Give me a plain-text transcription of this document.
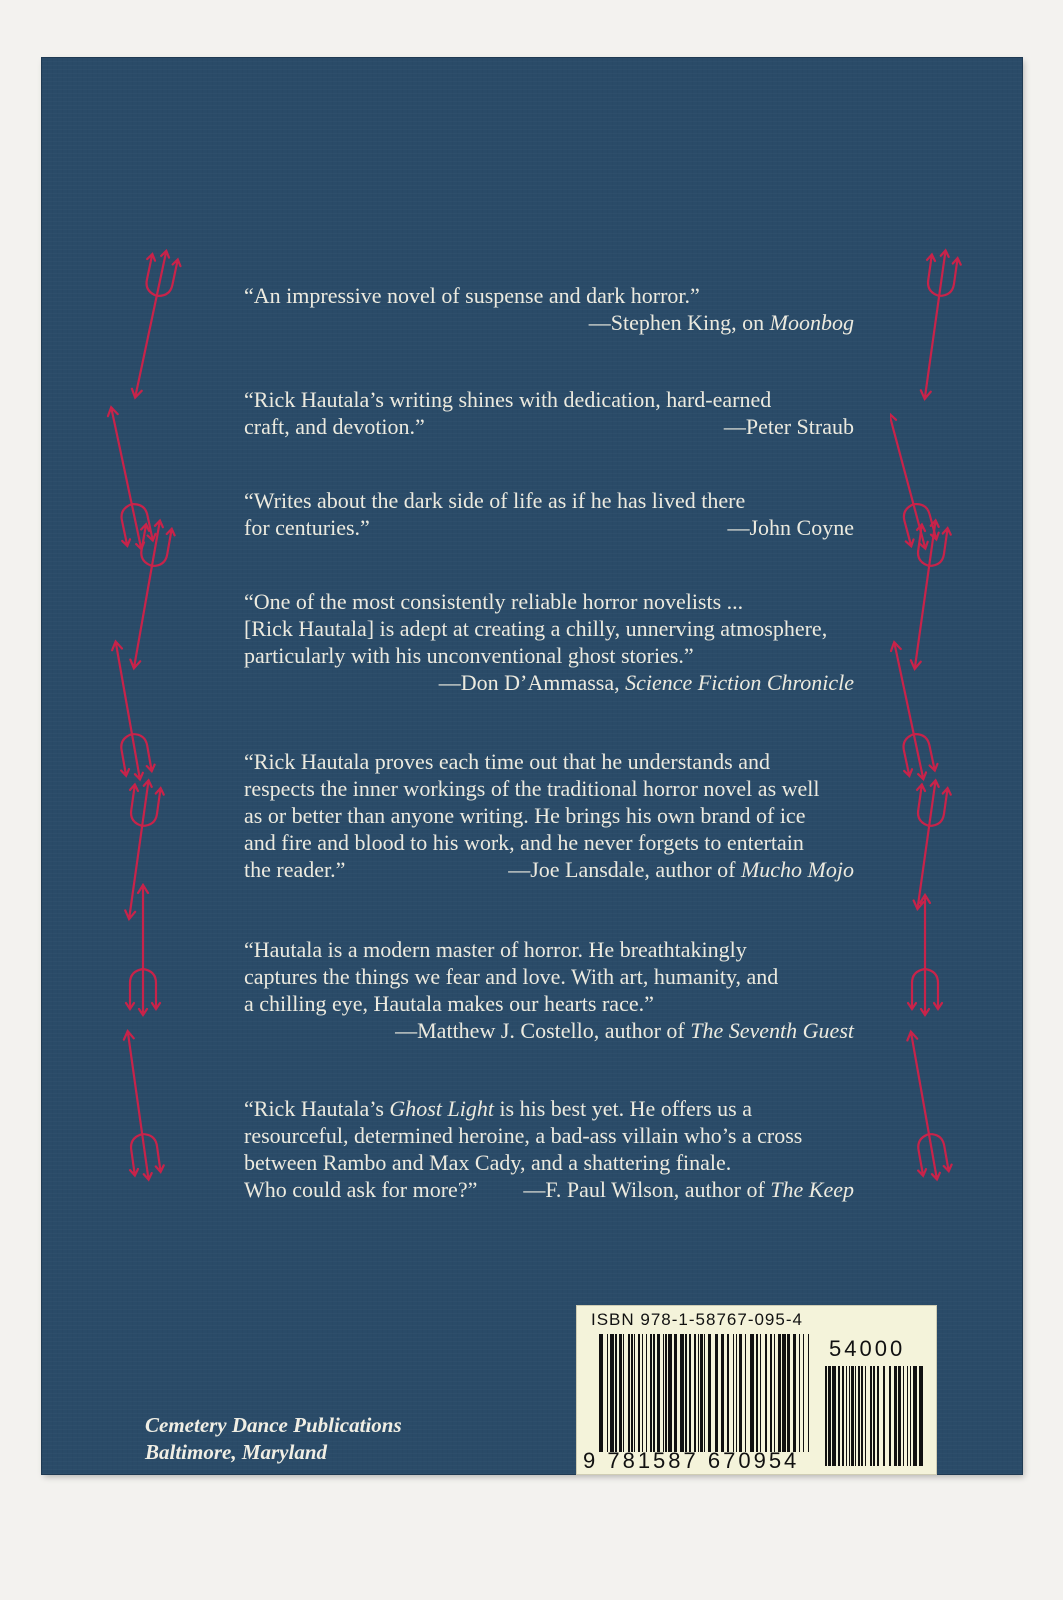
“An impressive novel of suspense and dark horror.”
—Stephen King, on Moonbog
“Rick Hautala’s writing shines with dedication, hard-earned
craft, and devotion.”	—Peter Straub
“Writes about the dark side of life as if he has lived there
for centuries.”	—John Coyne
“One of the most consistently reliable horror novelists ...
[Rick Hautala] is adept at creating a chilly, unnerving atmosphere,
particularly with his unconventional ghost stories.”
—Don D’Ammassa, Science Fiction Chronicle
“Rick Hautala proves each time out that he understands and
respects the inner workings of the traditional horror novel as well
as or better than anyone writing. He brings his own brand of ice
and fire and blood to his work, and he never forgets to entertain
the reader.”	—Joe Lansdale, author of Mucho Mojo
“Hautala is a modern master of horror. He breathtakingly
captures the things we fear and love. With art, humanity, and
a chilling eye, Hautala makes our hearts race.”
—Matthew J. Costello, author of The Seventh Guest
“Rick Hautala’s Ghost Light is his best yet. He offers us a
resourceful, determined heroine, a bad-ass villain who’s a cross
between Rambo and Max Cady, and a shattering finale.
Who could ask for more?” —F. Paul Wilson, author of The Keep
ISBN 978-1-58767-095-4
54000
9 781587 670954
Cemetery Dance Publications
Baltimore, Maryland
